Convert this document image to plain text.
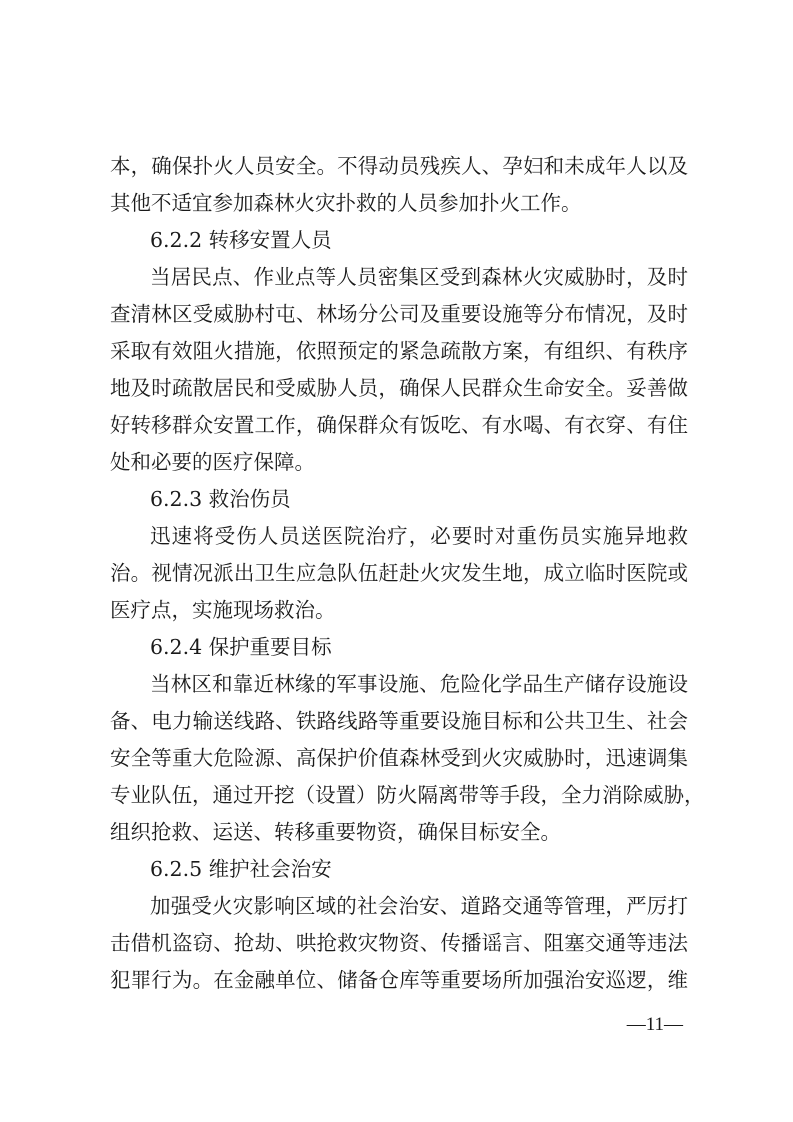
本，确保扑火人员安全。不得动员残疾人、孕妇和未成年人以及
其他不适宜参加森林火灾扑救的人员参加扑火工作。
6.2.2 转移安置人员
当居民点、作业点等人员密集区受到森林火灾威胁时，及时
查清林区受威胁村屯、林场分公司及重要设施等分布情况，及时
采取有效阻火措施，依照预定的紧急疏散方案，有组织、有秩序
地及时疏散居民和受威胁人员，确保人民群众生命安全。妥善做
好转移群众安置工作，确保群众有饭吃、有水喝、有衣穿、有住
处和必要的医疗保障。
6.2.3 救治伤员
迅速将受伤人员送医院治疗，必要时对重伤员实施异地救
治。视情况派出卫生应急队伍赶赴火灾发生地，成立临时医院或
医疗点，实施现场救治。
6.2.4 保护重要目标
当林区和靠近林缘的军事设施、危险化学品生产储存设施设
备、电力输送线路、铁路线路等重要设施目标和公共卫生、社会
安全等重大危险源、高保护价值森林受到火灾威胁时，迅速调集
专业队伍，通过开挖（设置）防火隔离带等手段，全力消除威胁，
组织抢救、运送、转移重要物资，确保目标安全。
6.2.5 维护社会治安
加强受火灾影响区域的社会治安、道路交通等管理，严厉打
击借机盗窃、抢劫、哄抢救灾物资、传播谣言、阻塞交通等违法
犯罪行为。在金融单位、储备仓库等重要场所加强治安巡逻，维
—11—
